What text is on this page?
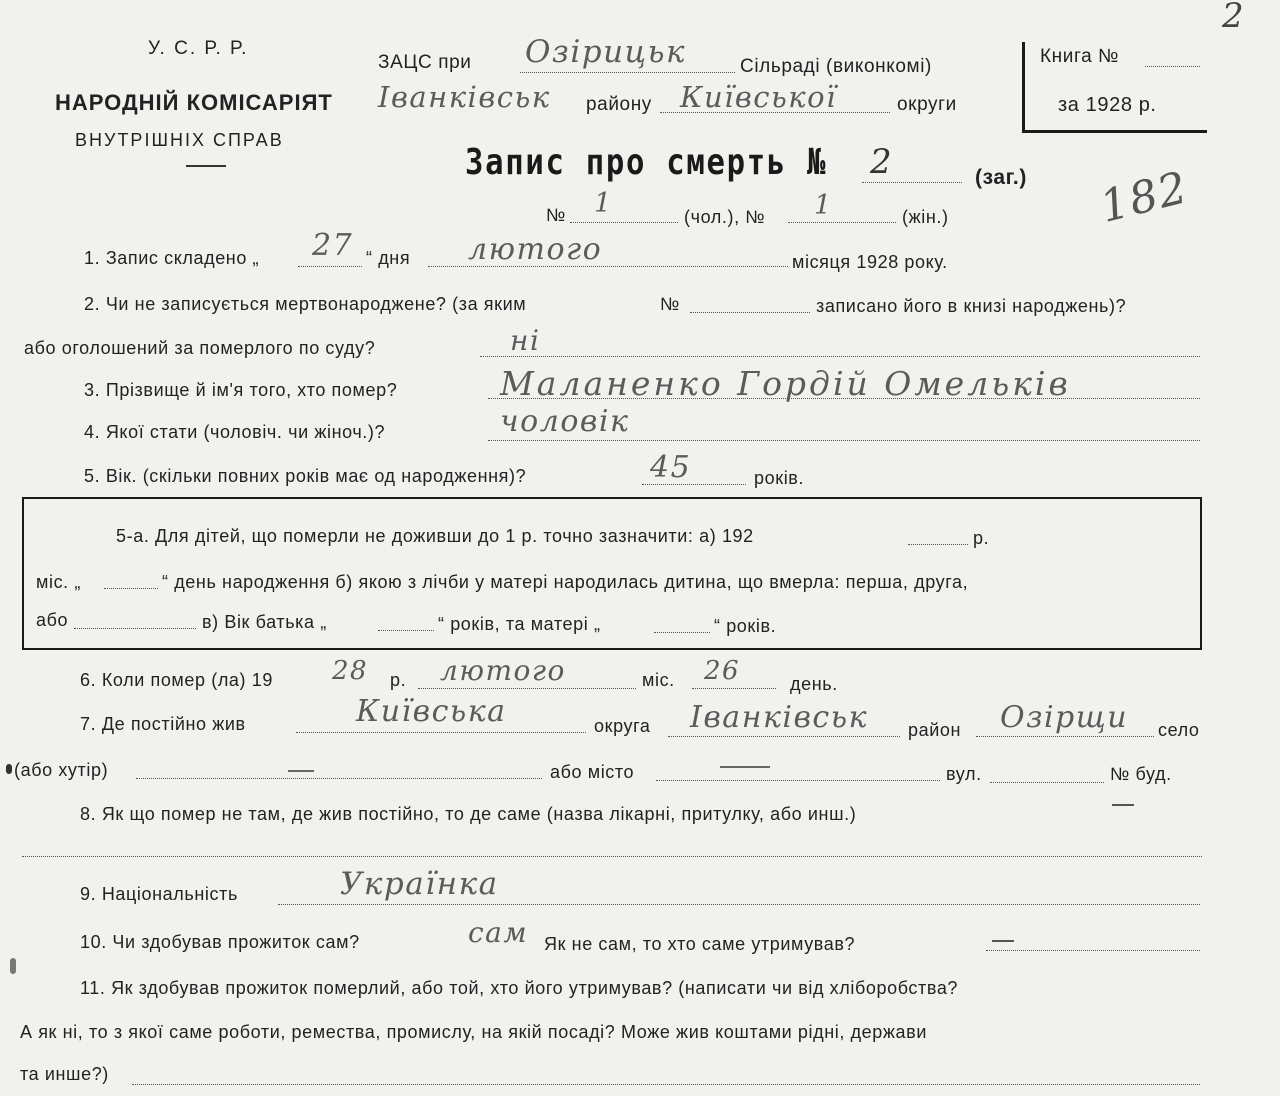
У. С. Р. Р.
НАРОДНІЙ КОМІСАРІЯТ
ВНУТРІШНІХ СПРАВ
ЗАЦС при Озірицьк	Сільраді (виконкомі)
Іванківськ району Київської	округи
Книга №
за 1928 р.
2
Запис про смерть № 2	(заг.) 182
№ 1	(чол.), № 1	(жін.)
1. Запис складено „ 27 “ дня лютого	місяця 1928 року.
2. Чи не записується мертвонароджене? (за яким	№	записано його в книзі народжень)?
або оголошений за померлого по суду?	ні
3. Прізвище й ім'я того, хто помер?	Маланенко Гордій Омельків
4. Якої стати (чоловіч. чи жіноч.)?	чоловік
5. Вік. (скільки повних років має од народження)?	45	років.
5-а. Для дітей, що померли не доживши до 1 р. точно зазначити: а) 192	р.
міс. „	“ день народження б) якою з лічби у матері народилась дитина, що вмерла: перша, друга,
або	в) Вік батька „	“ років, та матері „	“ років.
6. Коли помер (ла) 19 28 р. лютого	міс. 26	день.
7. Де постійно жив	Київська	округа Іванківськ район Озірщи село
(або хутір)	або місто	вул.	№ буд.
8. Як що помер не там, де жив постійно, то де саме (назва лікарні, притулку, або инш.)
9. Національність	Українка
10. Чи здобував прожиток сам?	сам Як не сам, то хто саме утримував?
11. Як здобував прожиток померлий, або той, хто його утримував? (написати чи від хліборобства?
А як ні, то з якої саме роботи, ремества, промислу, на якій посаді? Може жив коштами рідні, держави
та инше?)
